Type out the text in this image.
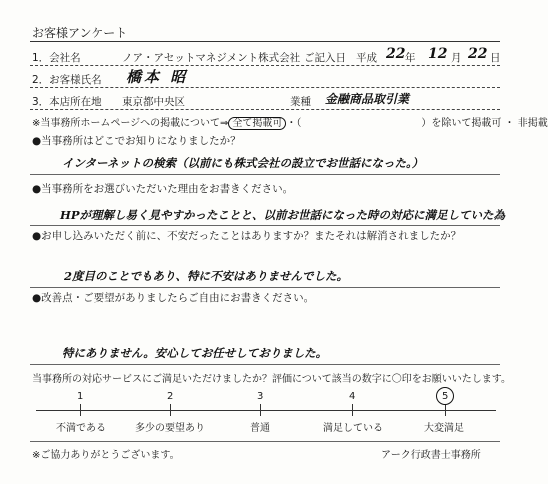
お客様アンケート
1．会社名	ノア・アセットマネジメント株式会社 ご記入日 平成 22 年 12 月 22 日
2．お客様氏名 橋本 昭
3．本店所在地 東京都中央区	業種 金融商品取引業
※当事務所ホームページへの掲載について⇒ 全て掲載可 ・（	）を除いて掲載可 ・ 非掲載
●当事務所はどこでお知りになりましたか？
インターネットの検索（以前にも株式会社の設立でお世話になった。）
●当事務所をお選びいただいた理由をお書きください。
HPが理解し易く見やすかったことと、以前お世話になった時の対応に満足していた為
●お申し込みいただく前に、不安だったことはありますか？またそれは解消されましたか？
2度目のことでもあり、特に不安はありませんでした。
●改善点・ご要望がありましたらご自由にお書きください。
特にありません。安心してお任せしておりました。
当事務所の対応サービスにご満足いただけましたか？評価について該当の数字に〇印をお願いいたします。
1	2	3	4	5
不満である	多少の要望あり	普通	満足している	大変満足
※ご協力ありがとうございます。	アーク行政書士事務所
